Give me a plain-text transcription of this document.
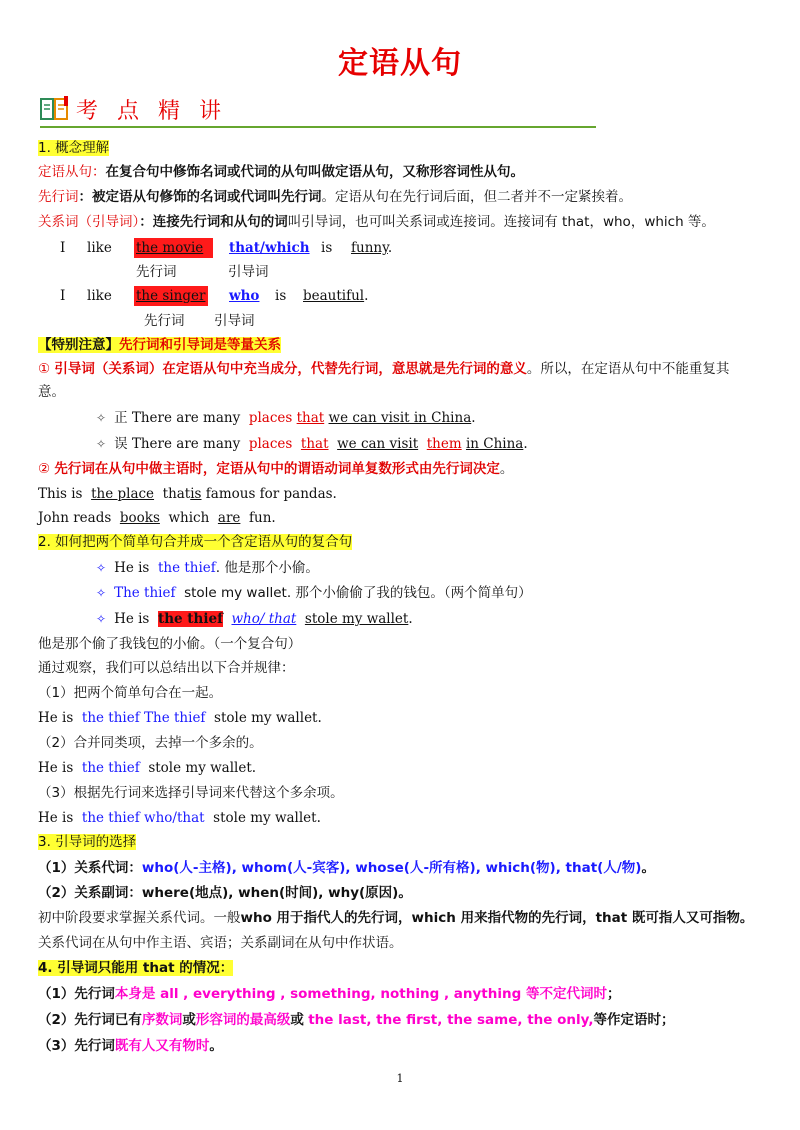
定语从句
考 点 精 讲
1. 概念理解
定语从句：在复合句中修饰名词或代词的从句叫做定语从句，又称形容词性从句。
先行词：被定语从句修饰的名词或代词叫先行词。定语从句在先行词后面，但二者并不一定紧挨着。
关系词（引导词）：连接先行词和从句的词叫引导词，也可叫关系词或连接词。连接词有 that，who，which 等。
I like the movie that/which is funny.
先行词	引导词
I like the singer who is beautiful.
先行词 引导词
【特别注意】先行词和引导词是等量关系
① 引导词（关系词）在定语从句中充当成分，代替先行词，意思就是先行词的意义。所以，在定语从句中不能重复其
意。
✧ 正 There are many places that we can visit in China.
✧ 误 There are many places that we can visit them in China.
② 先行词在从句中做主语时，定语从句中的谓语动词单复数形式由先行词决定。
This is the place thatis famous for pandas.
John reads books which are fun.
2. 如何把两个简单句合并成一个含定语从句的复合句
✧ He is the thief. 他是那个小偷。
✧ The thief stole my wallet. 那个小偷偷了我的钱包。（两个简单句）
✧ He is the thief who/ that stole my wallet.
他是那个偷了我钱包的小偷。（一个复合句）
通过观察，我们可以总结出以下合并规律：
（1）把两个简单句合在一起。
He is the thief The thief stole my wallet.
（2）合并同类项，去掉一个多余的。
He is the thief stole my wallet.
（3）根据先行词来选择引导词来代替这个多余项。
He is the thief who/that stole my wallet.
3. 引导词的选择
（1）关系代词：who(人-主格), whom(人-宾客), whose(人-所有格), which(物), that(人/物)。
（2）关系副词：where(地点), when(时间), why(原因)。
初中阶段要求掌握关系代词。一般who 用于指代人的先行词，which 用来指代物的先行词，that 既可指人又可指物。
关系代词在从句中作主语、宾语；关系副词在从句中作状语。
4. 引导词只能用 that 的情况：
（1）先行词本身是 all , everything , something, nothing , anything 等不定代词时；
（2）先行词已有序数词或形容词的最高级或 the last, the first, the same, the only,等作定语时；
（3）先行词既有人又有物时。
1
